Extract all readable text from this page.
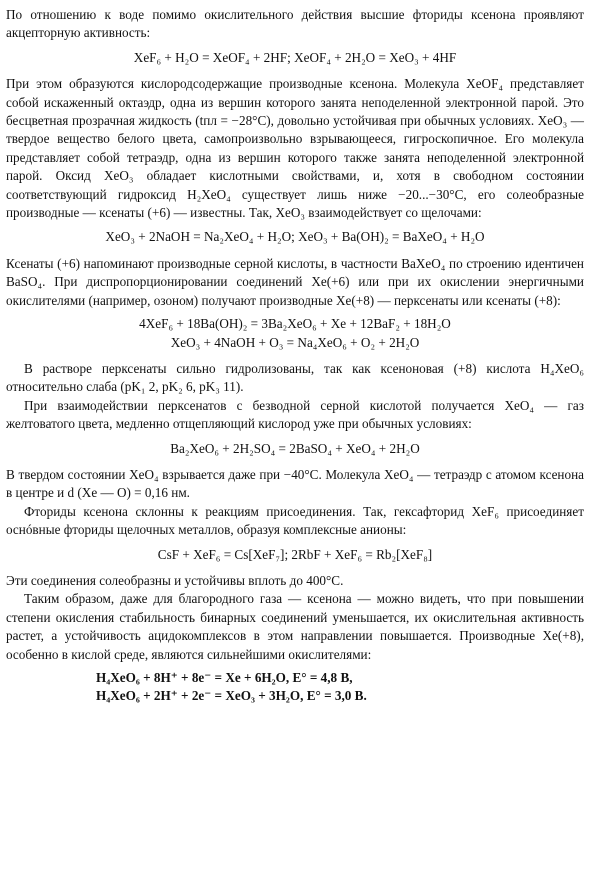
По отношению к воде помимо окислительного действия высшие фториды ксенона проявляют акцепторную активность:

XeF₆ + H₂O = XeOF₄ + 2HF; XeOF₄ + 2H₂O = XeO₃ + 4HF

При этом образуются кислородсодержащие производные ксенона. Молекула XeOF₄ представляет собой искаженный октаэдр, одна из вершин которого занята неподеленной электронной парой. Это бесцветная прозрачная жидкость (tпл = −28°С), довольно устойчивая при обычных условиях. XeO₃ — твердое вещество белого цвета, самопроизвольно взрывающееся, гигроскопичное. Его молекула представляет собой тетраэдр, одна из вершин которого также занята неподеленной электронной парой. Оксид XeO₃ обладает кислотными свойствами, и, хотя в свободном состоянии соответствующий гидроксид H₂XeO₄ существует лишь ниже −20...−30°С, его солеобразные производные — ксенаты (+6) — известны. Так, XeO₃ взаимодействует со щелочами:

XeO₃ + 2NaOH = Na₂XeO₄ + H₂O; XeO₃ + Ba(OH)₂ = BaXeO₄ + H₂O

Ксенаты (+6) напоминают производные серной кислоты, в частности BaXeO₄ по строению идентичен BaSO₄. При диспропорционировании соединений Xe(+6) или при их окислении энергичными окислителями (например, озоном) получают производные Xe(+8) — перксенаты или ксенаты (+8):

4XeF₆ + 18Ba(OH)₂ = 3Ba₂XeO₆ + Xe + 12BaF₂ + 18H₂O
XeO₃ + 4NaOH + O₃ = Na₄XeO₆ + O₂ + 2H₂O

В растворе перксенаты сильно гидролизованы, так как ксеноновая (+8) кислота H₄XeO₆ относительно слаба (pK₁ 2, pK₂ 6, pK₃ 11).

При взаимодействии перксенатов с безводной серной кислотой получается XeO₄ — газ желтоватого цвета, медленно отщепляющий кислород уже при обычных условиях:

Ba₂XeO₆ + 2H₂SO₄ = 2BaSO₄ + XeO₄ + 2H₂O

В твердом состоянии XeO₄ взрывается даже при −40°С. Молекула XeO₄ — тетраэдр с атомом ксенона в центре и d (Xe — O) = 0,16 нм.

Фториды ксенона склонны к реакциям присоединения. Так, гексафторид XeF₆ присоединяет оснóвные фториды щелочных металлов, образуя комплексные анионы:

CsF + XeF₆ = Cs[XeF₇]; 2RbF + XeF₆ = Rb₂[XeF₈]

Эти соединения солеобразны и устойчивы вплоть до 400°С.

Таким образом, даже для благородного газа — ксенона — можно видеть, что при повышении степени окисления стабильность бинарных соединений уменьшается, их окислительная активность растет, а устойчивость ацидокомплексов в этом направлении повышается. Производные Xe(+8), особенно в кислой среде, являются сильнейшими окислителями:

H₄XeO₆ + 8H⁺ + 8e⁻ = Xe + 6H₂O, E° = 4,8 В,
H₄XeO₆ + 2H⁺ + 2e⁻ = XeO₃ + 3H₂O, E° = 3,0 В.
